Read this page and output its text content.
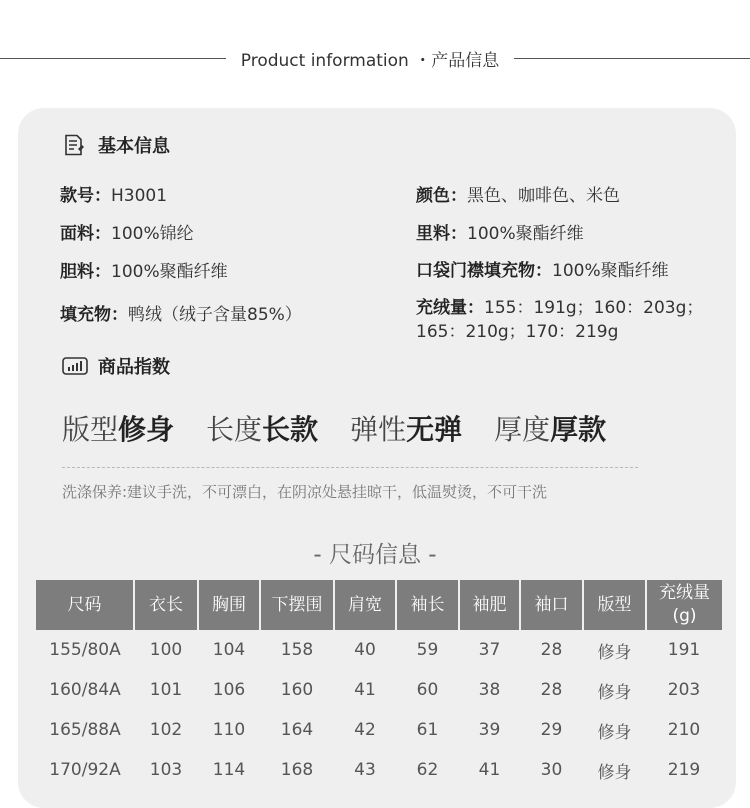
Product information ・产品信息
基本信息
款号：H3001	颜色：黑色、咖啡色、米色
面料：100%锦纶	里料：100%聚酯纤维
胆料：100%聚酯纤维	口袋门襟填充物：100%聚酯纤维
填充物：鸭绒（绒子含量85%）	充绒量：155：191g；160：203g；165：210g；170：219g
商品指数
版型修身 长度长款 弹性无弹 厚度厚款
洗涤保养:建议手洗，不可漂白，在阴凉处悬挂晾干，低温熨烫，不可干洗
- 尺码信息 -
尺码	衣长	胸围	下摆围	肩宽	袖长	袖肥	袖口	版型	充绒量
(g)
155/80A	100	104	158	40	59	37	28	修身	191
160/84A	101	106	160	41	60	38	28	修身	203
165/88A	102	110	164	42	61	39	29	修身	210
170/92A	103	114	168	43	62	41	30	修身	219
